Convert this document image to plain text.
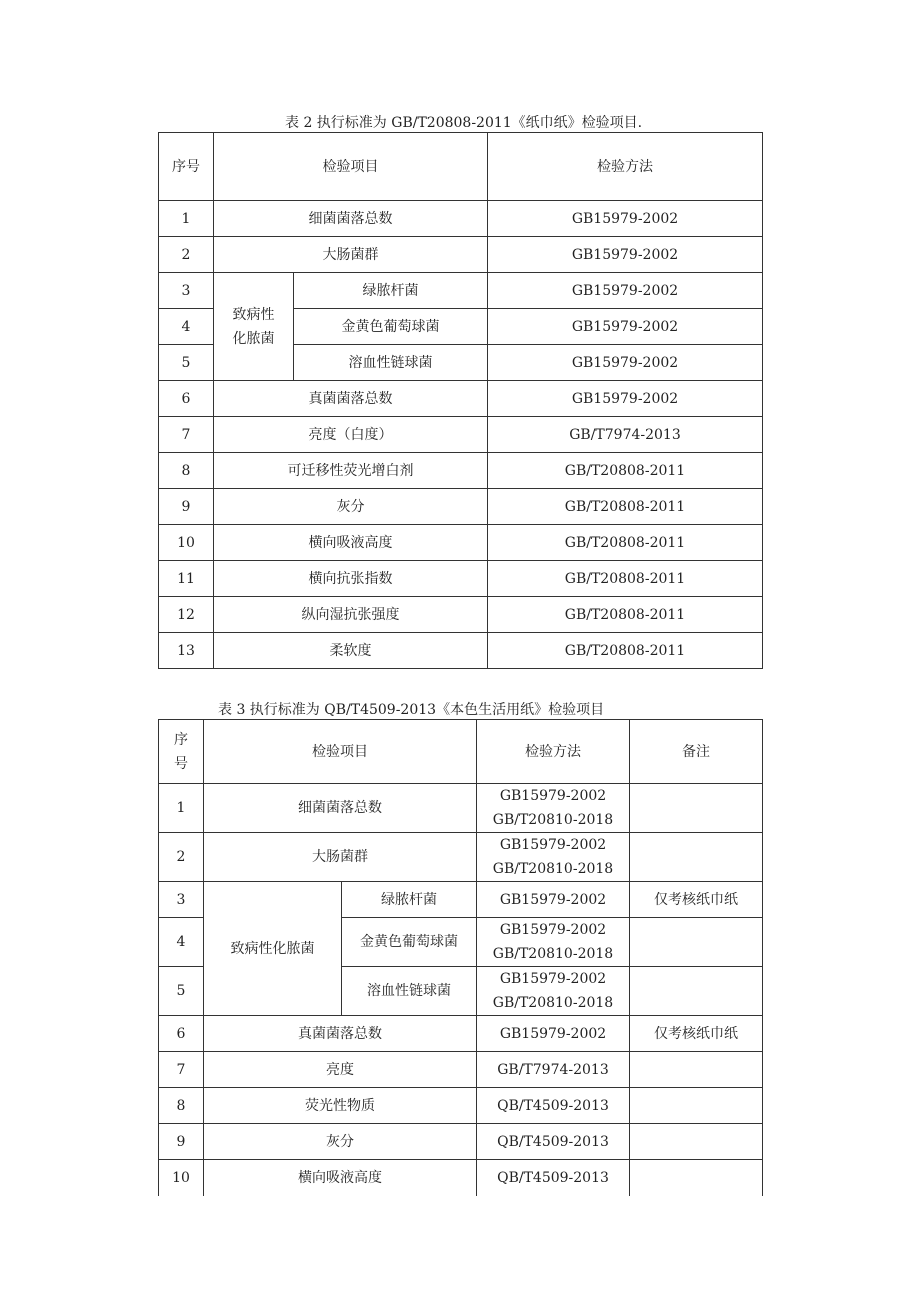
表 2 执行标准为 GB/T20808-2011《纸巾纸》检验项目.

序号	检验项目		检验方法
1	细菌菌落总数		GB15979-2002
2	大肠菌群		GB15979-2002
3	致病性
化脓菌	绿脓杆菌	GB15979-2002
4		金黄色葡萄球菌	GB15979-2002
5		溶血性链球菌	GB15979-2002
6	真菌菌落总数		GB15979-2002
7	亮度（白度）		GB/T7974-2013
8	可迁移性荧光增白剂		GB/T20808-2011
9	灰分		GB/T20808-2011
10	横向吸液高度		GB/T20808-2011
11	横向抗张指数		GB/T20808-2011
12	纵向湿抗张强度		GB/T20808-2011
13	柔软度		GB/T20808-2011

表 3 执行标准为 QB/T4509-2013《本色生活用纸》检验项目

序
号	检验项目		检验方法	备注
1	细菌菌落总数		GB15979-2002
GB/T20810-2018	

2	大肠菌群		GB15979-2002
GB/T20810-2018	

3	致病性化脓菌	绿脓杆菌	GB15979-2002	仅考核纸巾纸
4		金黄色葡萄球菌	GB15979-2002
GB/T20810-2018	

5		溶血性链球菌	GB15979-2002
GB/T20810-2018	

6	真菌菌落总数		GB15979-2002	仅考核纸巾纸
7	亮度		GB/T7974-2013	
8	荧光性物质		QB/T4509-2013	
9	灰分		QB/T4509-2013	
10	横向吸液高度		QB/T4509-2013	
